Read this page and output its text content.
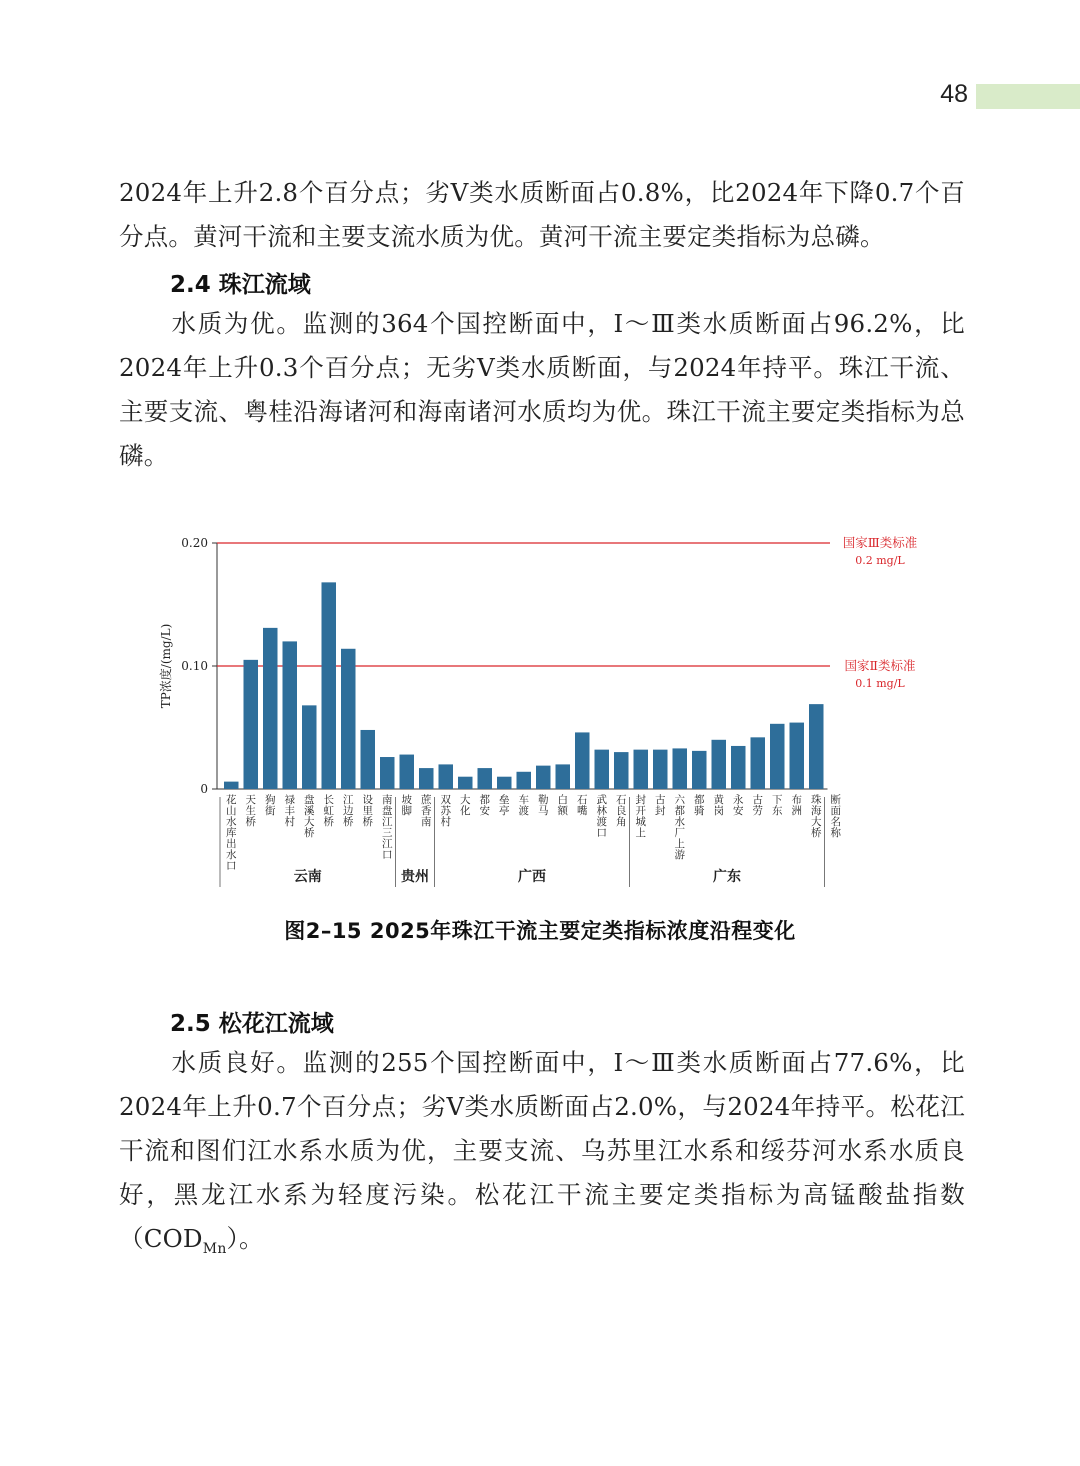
48
2024年上升2.8个百分点；劣Ⅴ类水质断面占0.8%，比2024年下降0.7个百分点。黄河干流和主要支流水质为优。黄河干流主要定类指标为总磷。
2.4 珠江流域
水质为优。监测的364个国控断面中，Ⅰ～Ⅲ类水质断面占96.2%，比2024年上升0.3个百分点；无劣Ⅴ类水质断面，与2024年持平。珠江干流、主要支流、粤桂沿海诸河和海南诸河水质均为优。珠江干流主要定类指标为总磷。
0
0.10
0.20
TP浓度/(mg/L)
国家Ⅲ类标准
0.2 mg/L
国家Ⅱ类标准
0.1 mg/L
花山水库出水口
天生桥
狗街
禄丰村
盘溪大桥
长虹桥
江边桥
设里桥
南盘江三江口
坡脚
蔗香南
双苏村
大化
都安
垒亭
车渡
勒马
白额
石嘴
武林渡口
石良角
封开城上
古封
六都水厂上游
都骑
黄岗
永安
古劳
下东
布洲
珠海大桥
断面名称
云南	贵州	广西	广东
图2–15 2025年珠江干流主要定类指标浓度沿程变化
2.5 松花江流域
水质良好。监测的255个国控断面中，Ⅰ～Ⅲ类水质断面占77.6%，比2024年上升0.7个百分点；劣Ⅴ类水质断面占2.0%，与2024年持平。松花江干流和图们江水系水质为优，主要支流、乌苏里江水系和绥芬河水系水质良好，黑龙江水系为轻度污染。松花江干流主要定类指标为高锰酸盐指数$(COD_{Mn})$。
